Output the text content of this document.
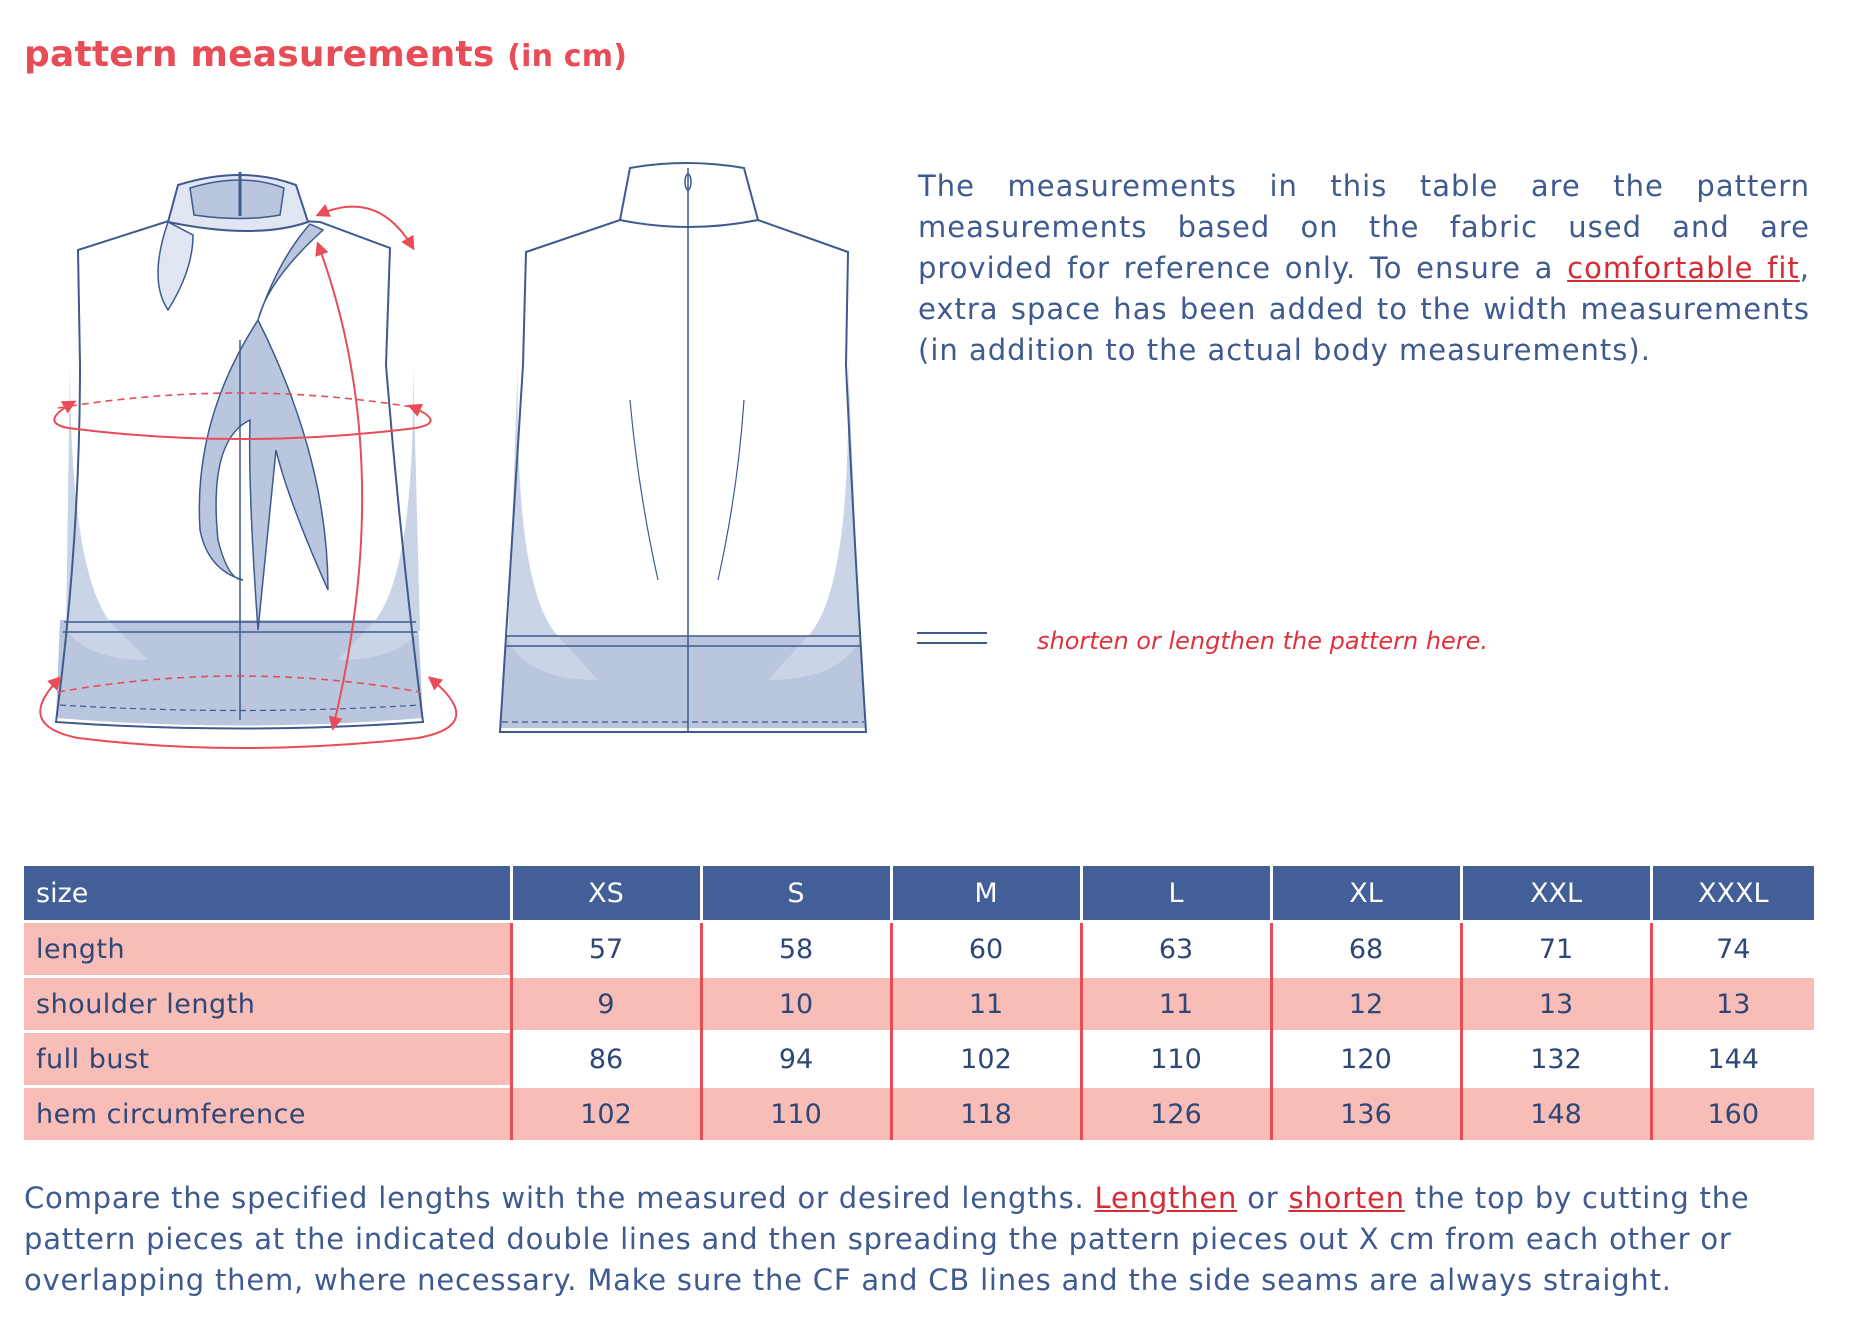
pattern measurements (in cm)

The measurements in this table are the pattern measurements based on the fabric used and are provided for reference only. To ensure a comfortable fit, extra space has been added to the width measurements (in addition to the actual body measurements).

shorten or lengthen the pattern here.
size	XS	S	M	L	XL	XXL	XXXL
length	57	58	60	63	68	71	74
shoulder length	9	10	11	11	12	13	13
full bust	86	94	102	110	120	132	144
hem circumference	102	110	118	126	136	148	160

Compare the specified lengths with the measured or desired lengths. Lengthen or shorten the top by cutting the pattern pieces at the indicated double lines and then spreading the pattern pieces out X cm from each other or overlapping them, where necessary. Make sure the CF and CB lines and the side seams are always straight.
